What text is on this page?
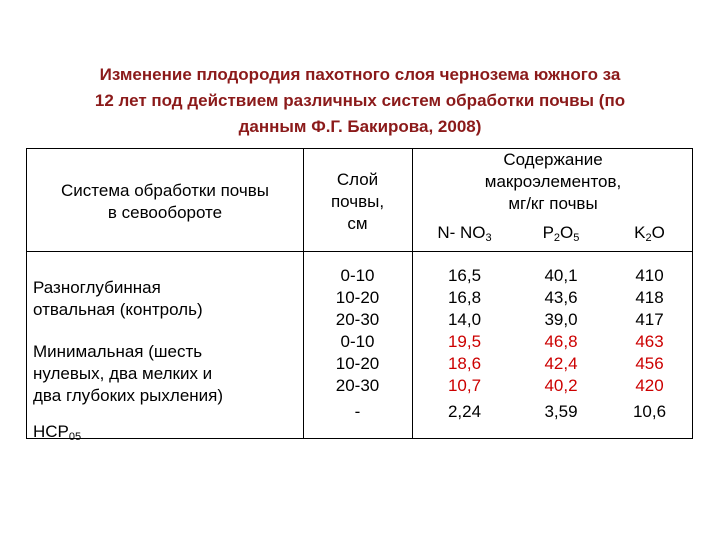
Изменение плодородия пахотного слоя чернозема южного за
12 лет под действием различных систем обработки почвы (по
данным Ф.Г. Бакирова, 2008)
Система обработки почвы
в севообороте
Слой
почвы,
см
Содержание
макроэлементов,
мг/кг почвы
N- $NO_3$	$P_2O_5$	$K_2O$
Разноглубинная
отвальная (контроль)
Минимальная (шесть
нулевых, два мелких и
два глубоких рыхления)
$НСР_{05}$
0-10
10-20
20-30
0-10
10-20
20-30
-
16,5
16,8
14,0
19,5
18,6
10,7
2,24
40,1
43,6
39,0
46,8
42,4
40,2
3,59
410
418
417
463
456
420
10,6
